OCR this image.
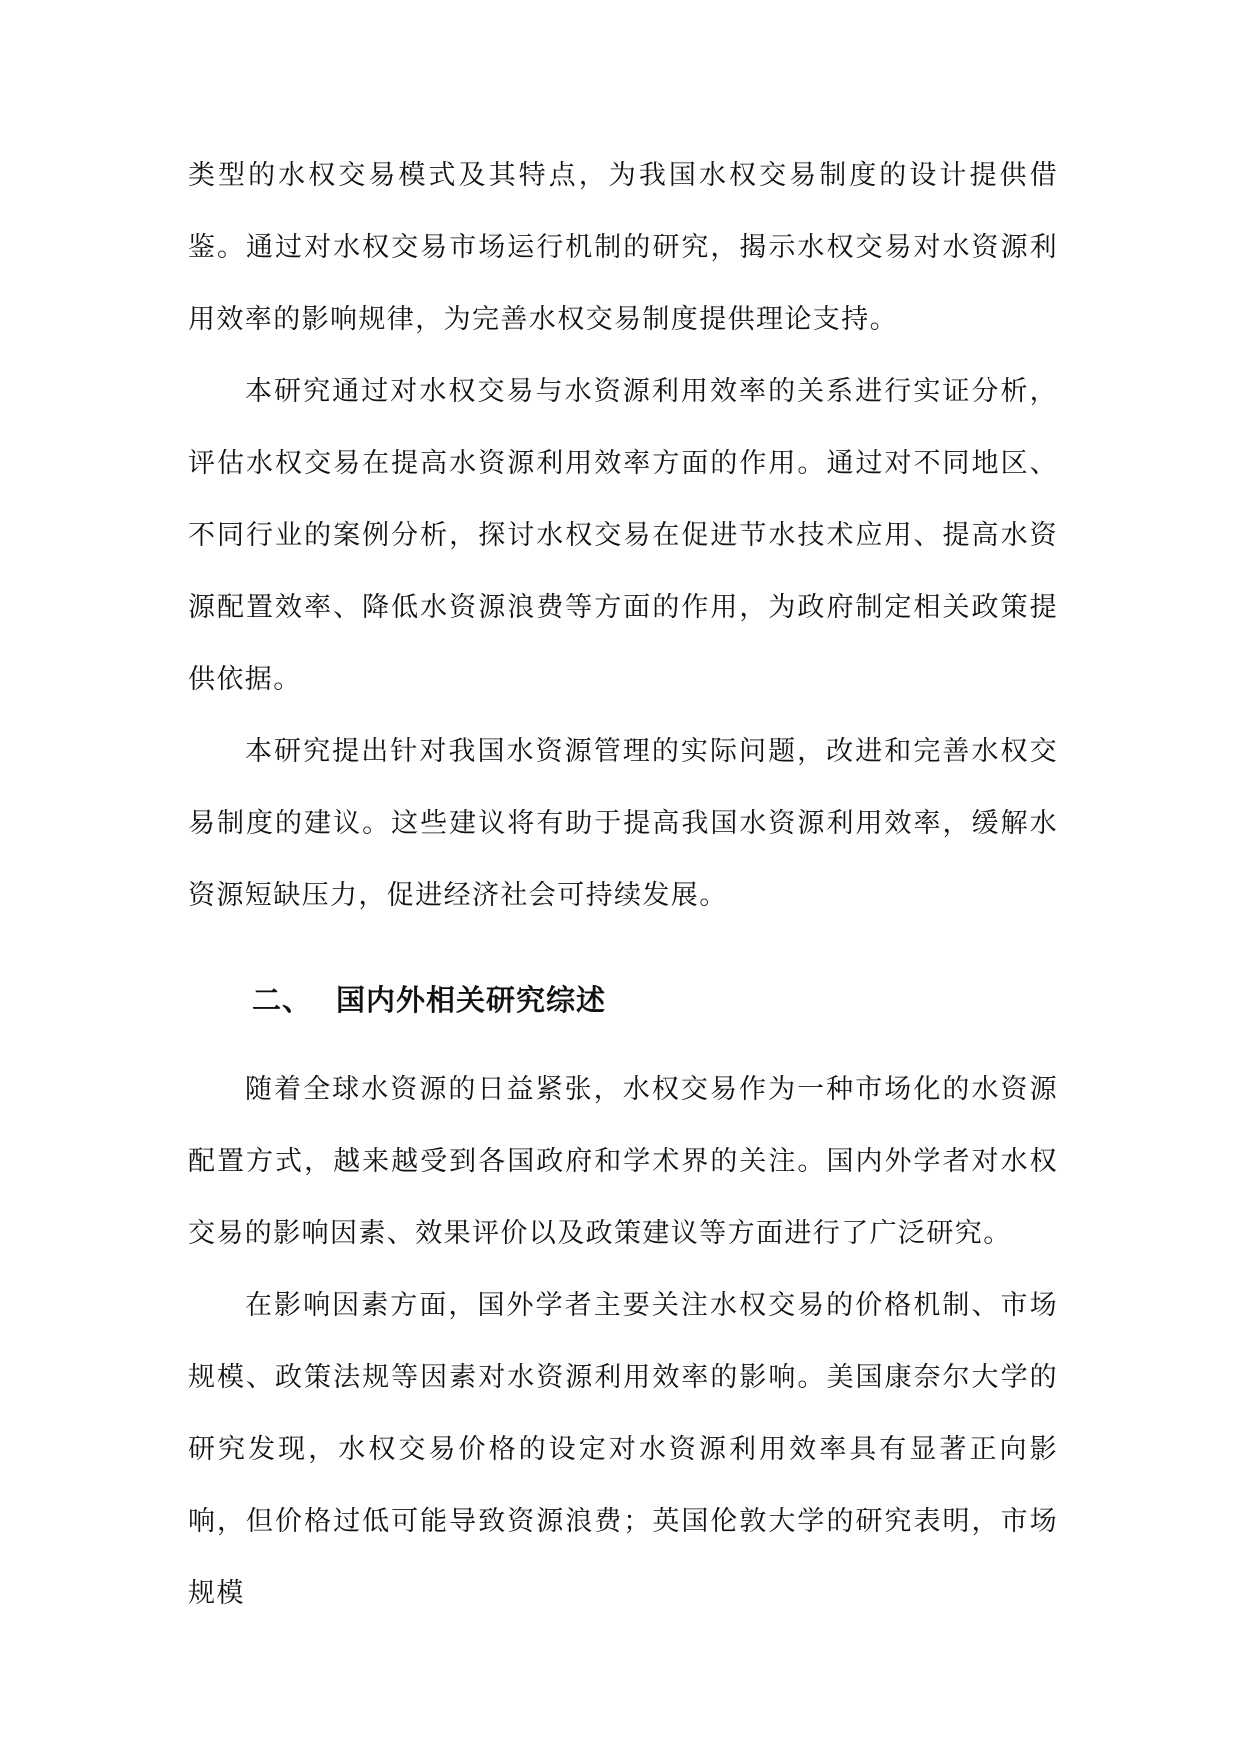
类型的水权交易模式及其特点，为我国水权交易制度的设计提供借鉴。通过对水权交易市场运行机制的研究，揭示水权交易对水资源利用效率的影响规律，为完善水权交易制度提供理论支持。

本研究通过对水权交易与水资源利用效率的关系进行实证分析，评估水权交易在提高水资源利用效率方面的作用。通过对不同地区、不同行业的案例分析，探讨水权交易在促进节水技术应用、提高水资源配置效率、降低水资源浪费等方面的作用，为政府制定相关政策提供依据。

本研究提出针对我国水资源管理的实际问题，改进和完善水权交易制度的建议。这些建议将有助于提高我国水资源利用效率，缓解水资源短缺压力，促进经济社会可持续发展。

二、 国内外相关研究综述

随着全球水资源的日益紧张，水权交易作为一种市场化的水资源配置方式，越来越受到各国政府和学术界的关注。国内外学者对水权交易的影响因素、效果评价以及政策建议等方面进行了广泛研究。

在影响因素方面，国外学者主要关注水权交易的价格机制、市场规模、政策法规等因素对水资源利用效率的影响。美国康奈尔大学的研究发现，水权交易价格的设定对水资源利用效率具有显著正向影响，但价格过低可能导致资源浪费；英国伦敦大学的研究表明，市场规模
